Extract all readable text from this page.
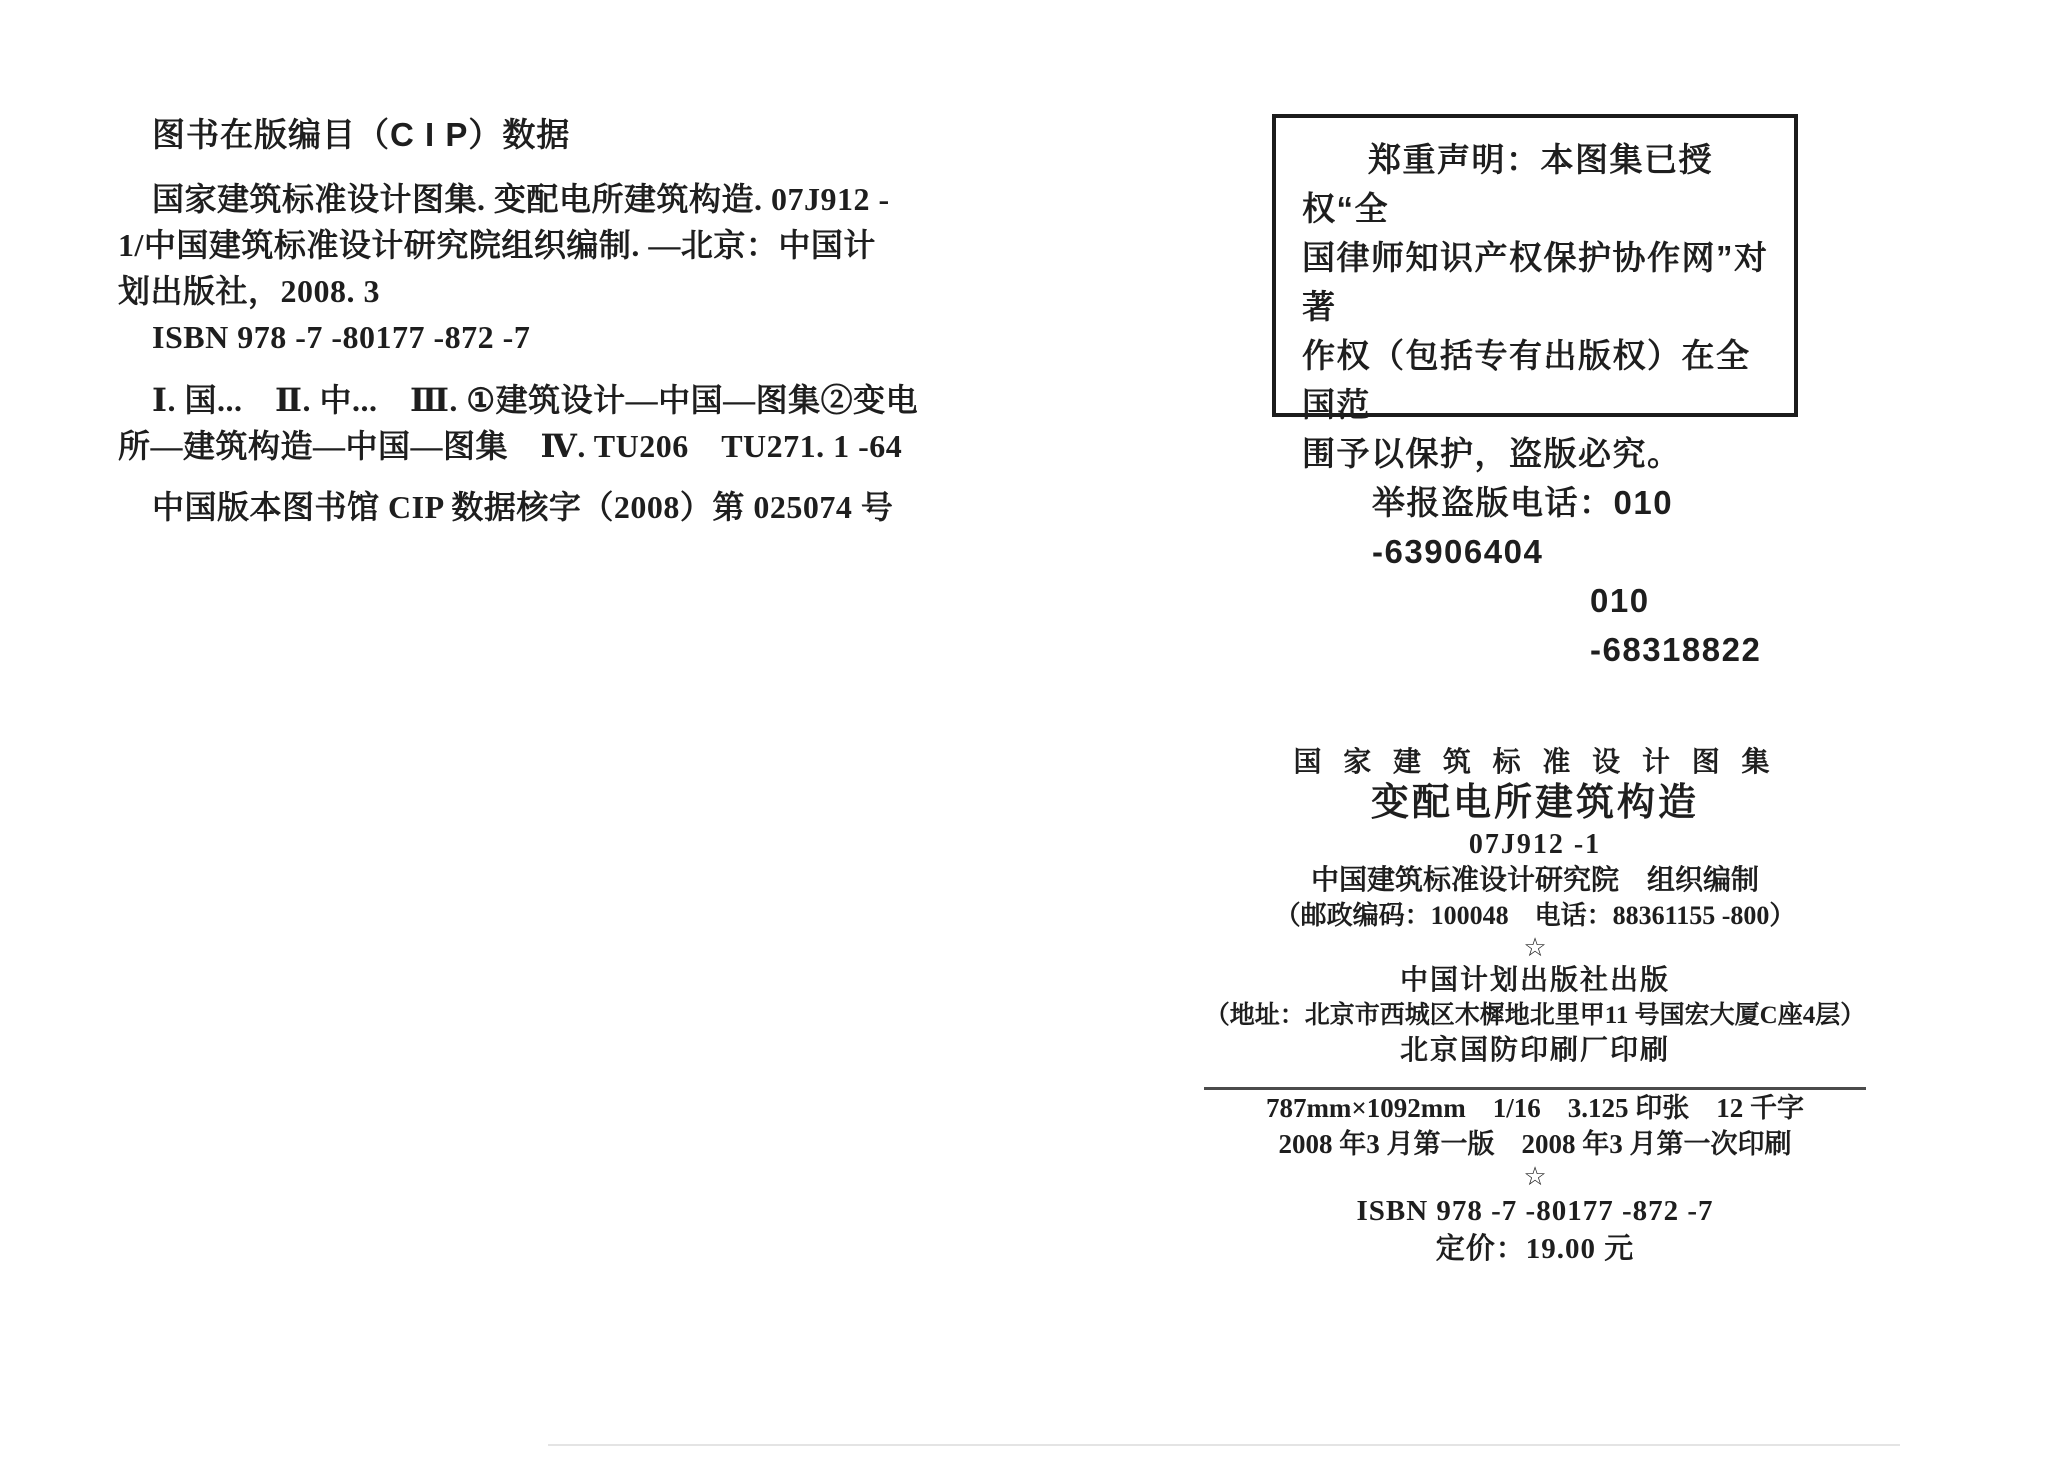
图书在版编目（C I P）数据
国家建筑标准设计图集. 变配电所建筑构造. 07J912 -
1/中国建筑标准设计研究院组织编制. —北京：中国计
划出版社，2008. 3
ISBN 978 -7 -80177 -872 -7
Ⅰ. 国...　Ⅱ. 中...　Ⅲ. ①建筑设计—中国—图集②变电
所—建筑构造—中国—图集　Ⅳ. TU206　TU271. 1 -64
中国版本图书馆 CIP 数据核字（2008）第 025074 号
郑重声明：本图集已授权“全
国律师知识产权保护协作网”对著
作权（包括专有出版权）在全国范
围予以保护，盗版必究。
举报盗版电话：010 -63906404
010 -68318822
国 家 建 筑 标 准 设 计 图 集
变配电所建筑构造
07J912 -1
中国建筑标准设计研究院　组织编制
（邮政编码：100048　电话：88361155 -800）
☆
中国计划出版社出版
（地址：北京市西城区木樨地北里甲11 号国宏大厦C座4层）
北京国防印刷厂印刷
787mm×1092mm　1/16　3.125 印张　12 千字
2008 年3 月第一版　2008 年3 月第一次印刷
☆
ISBN 978 -7 -80177 -872 -7
定价：19.00 元
